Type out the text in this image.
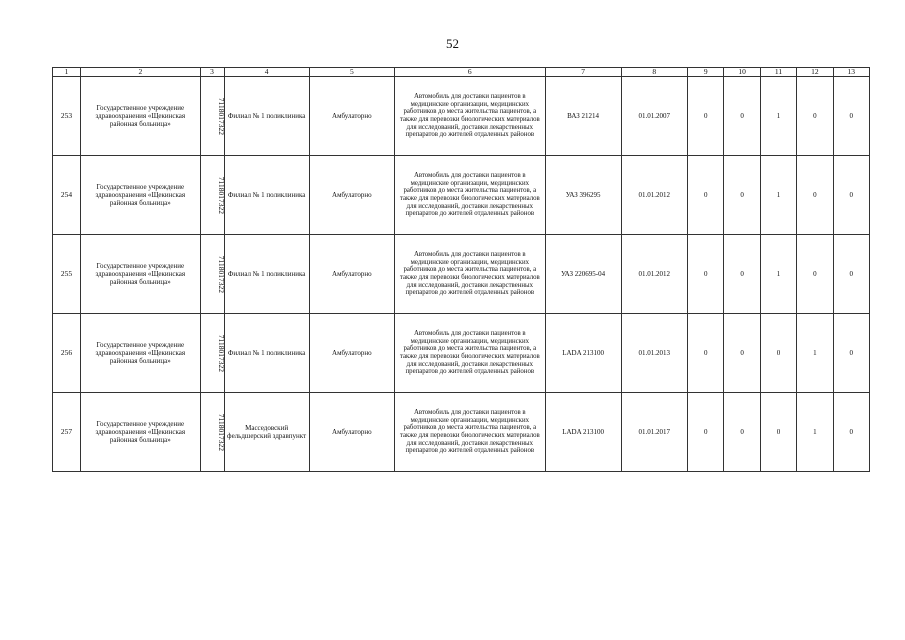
52
1	2	3	4	5	6	7	8	9	10	11	12	13
253	Государственное учреждение здравоохранения «Щекинская районная больница»	7118017322	Филиал № 1 поликлиника	Амбулаторно	Автомобиль для доставки пациентов в медицинские организации, медицинских работников до места жительства пациентов, а также для перевозки биологических материалов для исследований, доставки лекарственных препаратов до жителей отдаленных районов	ВАЗ 21214	01.01.2007	0	0	1	0	0
254	Государственное учреждение здравоохранения «Щекинская районная больница»	7118017322	Филиал № 1 поликлиника	Амбулаторно	Автомобиль для доставки пациентов в медицинские организации, медицинских работников до места жительства пациентов, а также для перевозки биологических материалов для исследований, доставки лекарственных препаратов до жителей отдаленных районов	УАЗ 396295	01.01.2012	0	0	1	0	0
255	Государственное учреждение здравоохранения «Щекинская районная больница»	7118017322	Филиал № 1 поликлиника	Амбулаторно	Автомобиль для доставки пациентов в медицинские организации, медицинских работников до места жительства пациентов, а также для перевозки биологических материалов для исследований, доставки лекарственных препаратов до жителей отдаленных районов	УАЗ 220695-04	01.01.2012	0	0	1	0	0
256	Государственное учреждение здравоохранения «Щекинская районная больница»	7118017322	Филиал № 1 поликлиника	Амбулаторно	Автомобиль для доставки пациентов в медицинские организации, медицинских работников до места жительства пациентов, а также для перевозки биологических материалов для исследований, доставки лекарственных препаратов до жителей отдаленных районов	LADA 213100	01.01.2013	0	0	0	1	0
257	Государственное учреждение здравоохранения «Щекинская районная больница»	7118017322	Масседовский фельдшерский здравпункт	Амбулаторно	Автомобиль для доставки пациентов в медицинские организации, медицинских работников до места жительства пациентов, а также для перевозки биологических материалов для исследований, доставки лекарственных препаратов до жителей отдаленных районов	LADA 213100	01.01.2017	0	0	0	1	0
